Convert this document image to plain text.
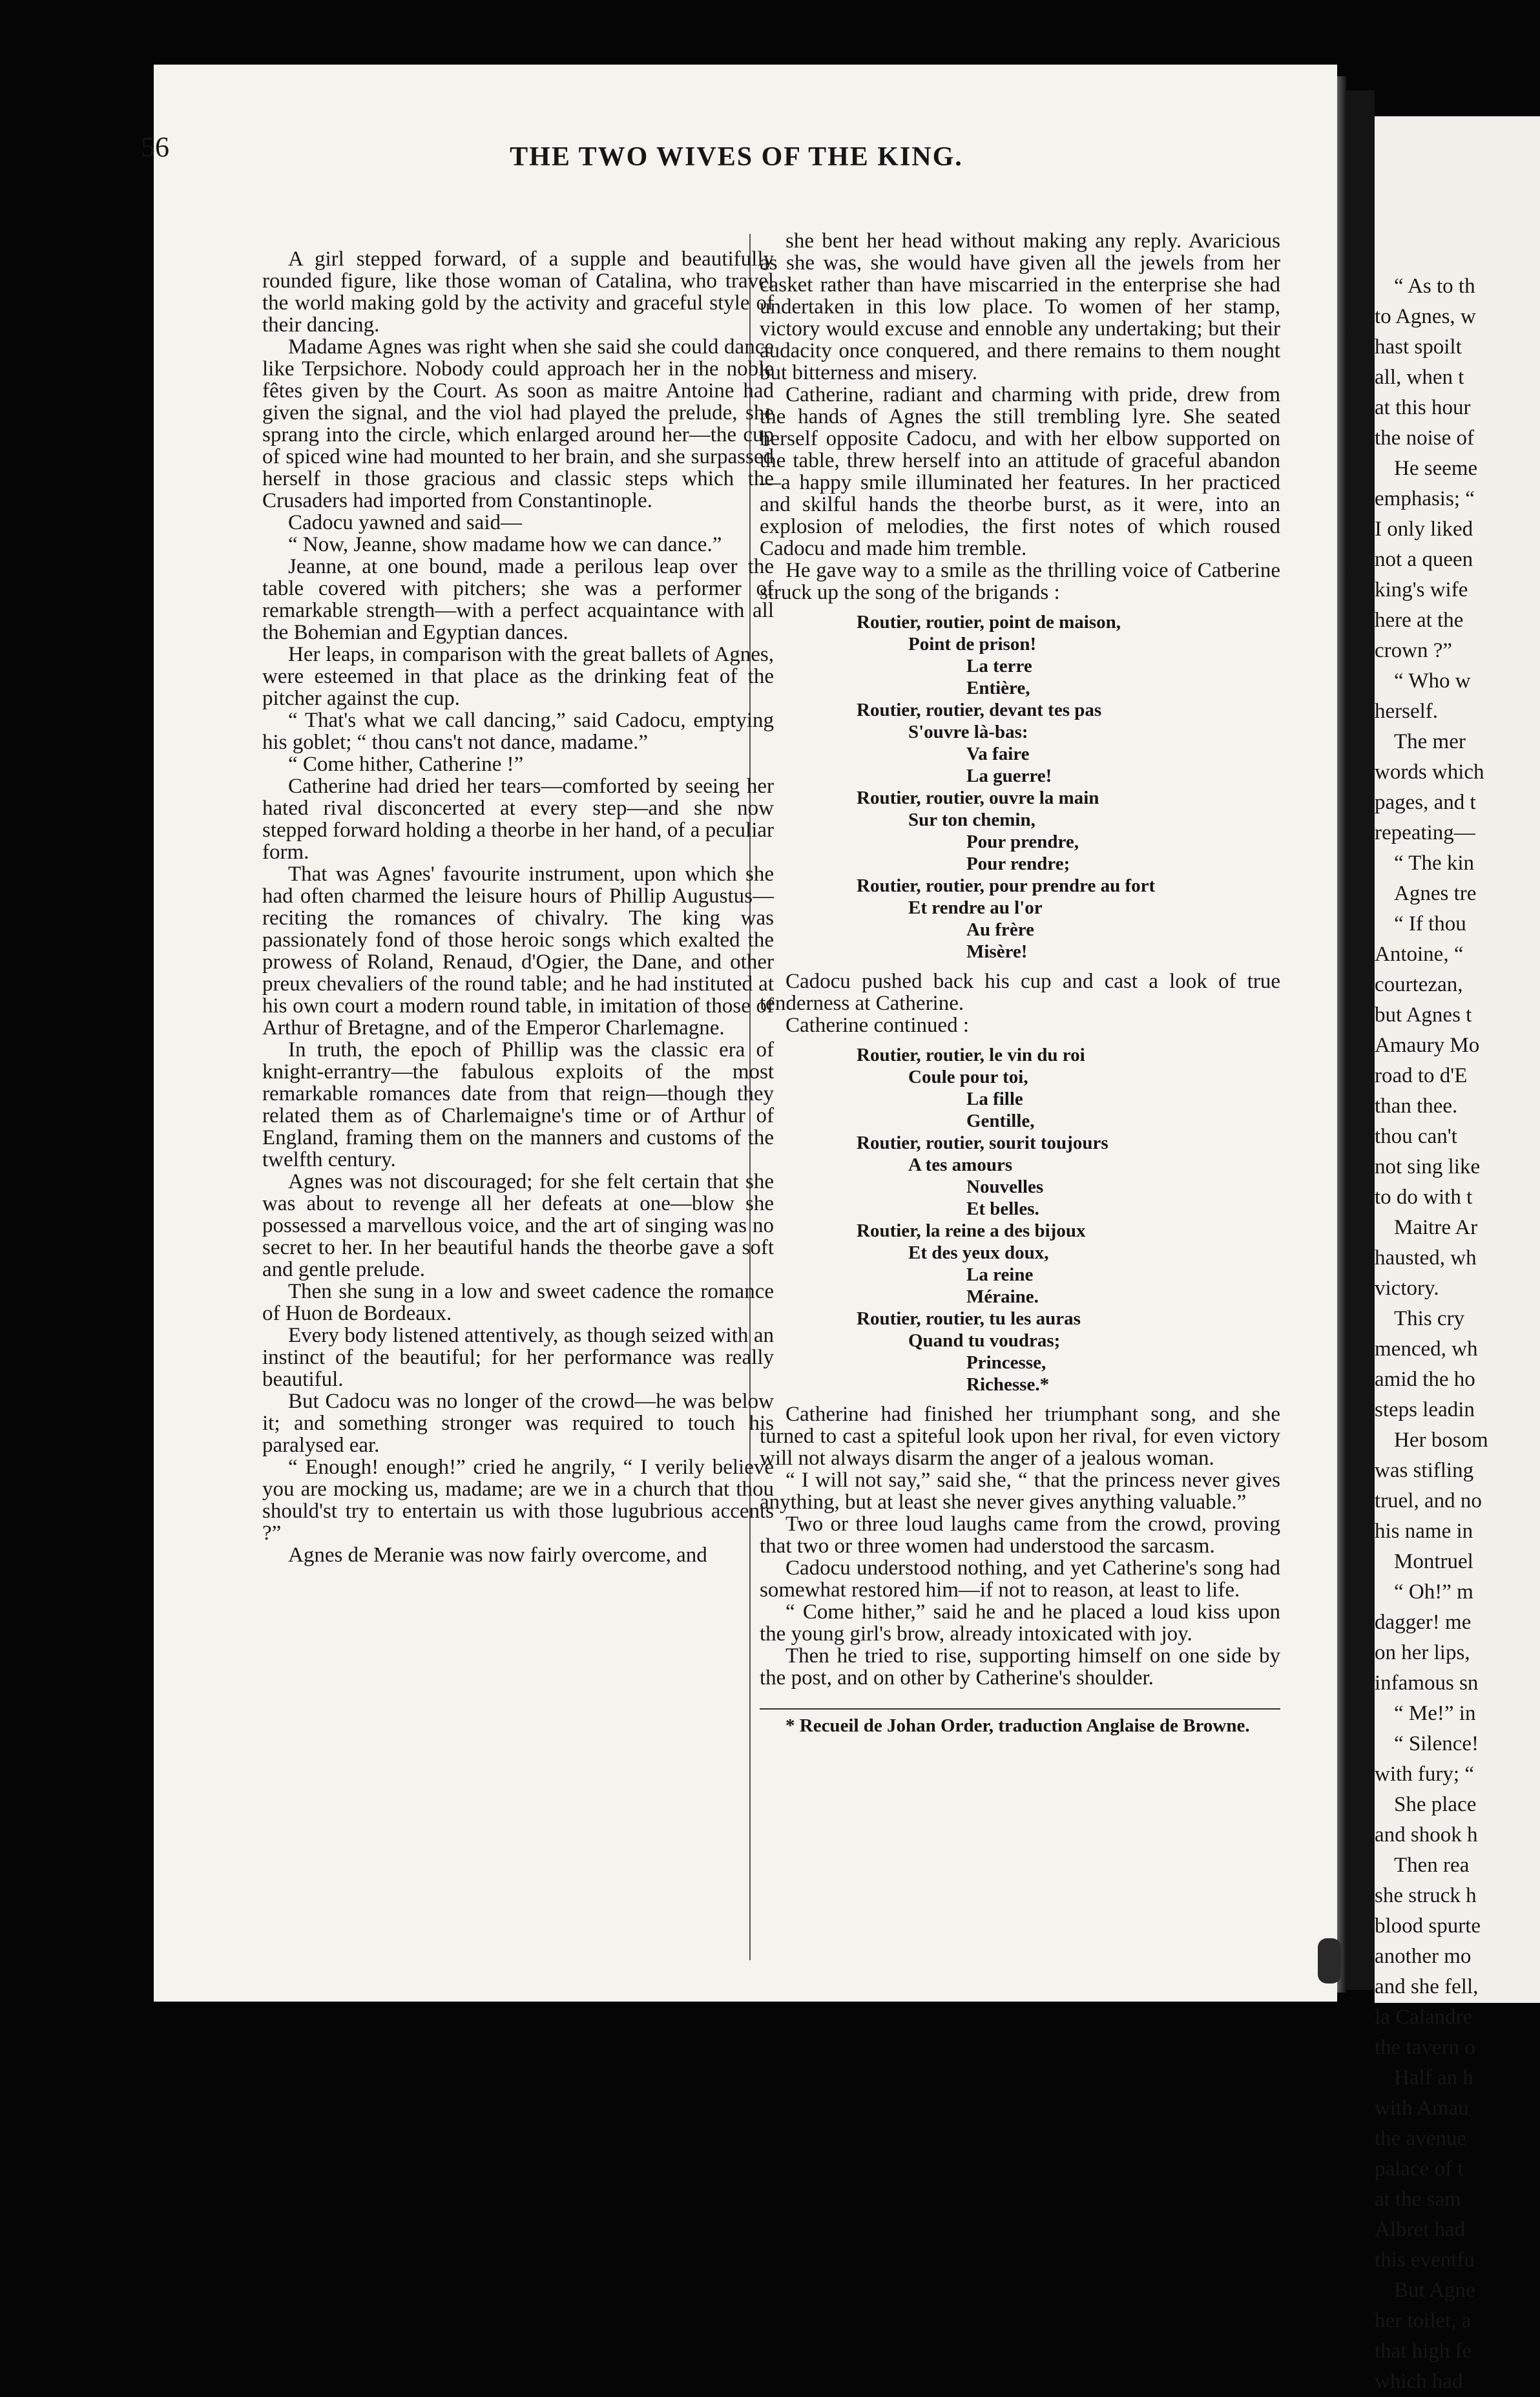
“ As to th
to Agnes, w
hast spoilt
all, when t
at this hour
the noise of
He seeme
emphasis; “
I only liked
not a queen
king's wife
here at the
crown ?”
“ Who w
herself.
The mer
words which
pages, and t
repeating—
“ The kin
Agnes tre
“ If thou
Antoine, “
courtezan,
but Agnes t
Amaury Mo
road to d'E
than thee.
thou can't
not sing like
to do with t
Maitre Ar
hausted, wh
victory.
This cry
menced, wh
amid the ho
steps leadin
Her bosom
was stifling
truel, and no
his name in
Montruel
“ Oh!” m
dagger! me
on her lips,
infamous sn
“ Me!” in
“ Silence!
with fury; “
She place
and shook h
Then rea
she struck h
blood spurte
another mo
and she fell,
la Calandre
the tavern o
Half an h
with Amau
the avenue
palace of t
at the sam
Albret had
this eventfu
But Agne
her toilet, a
that high fe
which had

56	THE TWO WIVES OF THE KING.

A girl stepped forward, of a supple and beautifully rounded figure, like those woman of Catalina, who travel the world making gold by the activity and graceful style of their dancing.

Madame Agnes was right when she said she could dance like Terpsichore. Nobody could approach her in the noble fêtes given by the Court. As soon as maitre Antoine had given the signal, and the viol had played the prelude, she sprang into the circle, which enlarged around her—the cup of spiced wine had mounted to her brain, and she surpassed herself in those gracious and classic steps which the Crusaders had imported from Constantinople.

Cadocu yawned and said—

“ Now, Jeanne, show madame how we can dance.”

Jeanne, at one bound, made a perilous leap over the table covered with pitchers; she was a performer of remarkable strength—with a perfect acquaintance with all the Bohemian and Egyptian dances.

Her leaps, in comparison with the great ballets of Agnes, were esteemed in that place as the drinking feat of the pitcher against the cup.

“ That's what we call dancing,” said Cadocu, emptying his goblet; “ thou cans't not dance, madame.”

“ Come hither, Catherine !”

Catherine had dried her tears—comforted by seeing her hated rival disconcerted at every step—and she now stepped forward holding a theorbe in her hand, of a peculiar form.

That was Agnes' favourite instrument, upon which she had often charmed the leisure hours of Phillip Augustus—reciting the romances of chivalry. The king was passionately fond of those heroic songs which exalted the prowess of Roland, Renaud, d'Ogier, the Dane, and other preux chevaliers of the round table; and he had instituted at his own court a modern round table, in imitation of those of Arthur of Bretagne, and of the Emperor Charlemagne.

In truth, the epoch of Phillip was the classic era of knight-errantry—the fabulous exploits of the most remarkable romances date from that reign—though they related them as of Charlemaigne's time or of Arthur of England, framing them on the manners and customs of the twelfth century.

Agnes was not discouraged; for she felt certain that she was about to revenge all her defeats at one—blow she possessed a marvellous voice, and the art of singing was no secret to her. In her beautiful hands the theorbe gave a soft and gentle prelude.

Then she sung in a low and sweet cadence the romance of Huon de Bordeaux.

Every body listened attentively, as though seized with an instinct of the beautiful; for her performance was really beautiful.

But Cadocu was no longer of the crowd—he was below it; and something stronger was required to touch his paralysed ear.

“ Enough! enough!” cried he angrily, “ I verily believe you are mocking us, madame; are we in a church that thou should'st try to entertain us with those lugubrious accents ?”

Agnes de Meranie was now fairly overcome, and

she bent her head without making any reply. Avaricious as she was, she would have given all the jewels from her casket rather than have miscarried in the enterprise she had undertaken in this low place. To women of her stamp, victory would excuse and ennoble any undertaking; but their audacity once conquered, and there remains to them nought but bitterness and misery.

Catherine, radiant and charming with pride, drew from the hands of Agnes the still trembling lyre. She seated herself opposite Cadocu, and with her elbow supported on the table, threw herself into an attitude of graceful abandon—a happy smile illuminated her features. In her practiced and skilful hands the theorbe burst, as it were, into an explosion of melodies, the first notes of which roused Cadocu and made him tremble.

He gave way to a smile as the thrilling voice of Catberine struck up the song of the brigands :

Routier, routier, point de maison,
Point de prison!
La terre
Entière,
Routier, routier, devant tes pas
S'ouvre là-bas:
Va faire
La guerre!
Routier, routier, ouvre la main
Sur ton chemin,
Pour prendre,
Pour rendre;
Routier, routier, pour prendre au fort
Et rendre au l'or
Au frère
Misère!

Cadocu pushed back his cup and cast a look of true tenderness at Catherine.

Catherine continued :

Routier, routier, le vin du roi
Coule pour toi,
La fille
Gentille,
Routier, routier, sourit toujours
A tes amours
Nouvelles
Et belles.
Routier, la reine a des bijoux
Et des yeux doux,
La reine
Méraine.
Routier, routier, tu les auras
Quand tu voudras;
Princesse,
Richesse.*

Catherine had finished her triumphant song, and she turned to cast a spiteful look upon her rival, for even victory will not always disarm the anger of a jealous woman.

“ I will not say,” said she, “ that the princess never gives anything, but at least she never gives anything valuable.”

Two or three loud laughs came from the crowd, proving that two or three women had understood the sarcasm.

Cadocu understood nothing, and yet Catherine's song had somewhat restored him—if not to reason, at least to life.

“ Come hither,” said he and he placed a loud kiss upon the young girl's brow, already intoxicated with joy.

Then he tried to rise, supporting himself on one side by the post, and on other by Catherine's shoulder.

* Recueil de Johan Order, traduction Anglaise de Browne.
